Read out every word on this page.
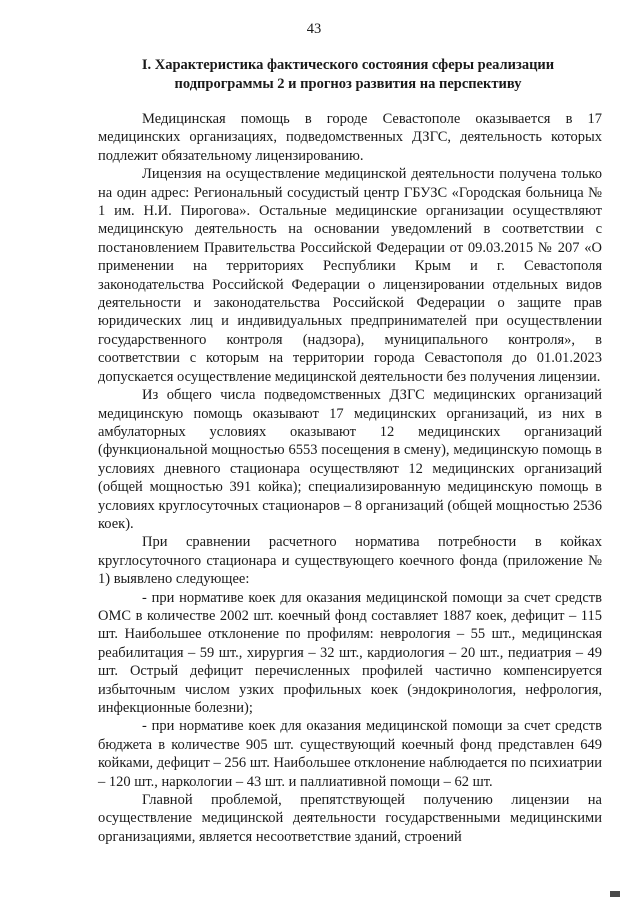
43
I. Характеристика фактического состояния сферы реализации
подпрограммы 2 и прогноз развития на перспективу

Медицинская помощь в городе Севастополе оказывается в 17 медицинских организациях, подведомственных ДЗГС, деятельность которых подлежит обязательному лицензированию.

Лицензия на осуществление медицинской деятельности получена только на один адрес: Региональный сосудистый центр ГБУЗС «Городская больница № 1 им. Н.И. Пирогова». Остальные медицинские организации осуществляют медицинскую деятельность на основании уведомлений в соответствии с постановлением Правительства Российской Федерации от 09.03.2015 № 207 «О применении на территориях Республики Крым и г. Севастополя законодательства Российской Федерации о лицензировании отдельных видов деятельности и законодательства Российской Федерации о защите прав юридических лиц и индивидуальных предпринимателей при осуществлении государственного контроля (надзора), муниципального контроля», в соответствии с которым на территории города Севастополя до 01.01.2023 допускается осуществление медицинской деятельности без получения лицензии.

Из общего числа подведомственных ДЗГС медицинских организаций медицинскую помощь оказывают 17 медицинских организаций, из них в амбулаторных условиях оказывают 12 медицинских организаций (функциональной мощностью 6553 посещения в смену), медицинскую помощь в условиях дневного стационара осуществляют 12 медицинских организаций (общей мощностью 391 койка); специализированную медицинскую помощь в условиях круглосуточных стационаров – 8 организаций (общей мощностью 2536 коек).

При сравнении расчетного норматива потребности в койках круглосуточного стационара и существующего коечного фонда (приложение № 1) выявлено следующее:

- при нормативе коек для оказания медицинской помощи за счет средств ОМС в количестве 2002 шт. коечный фонд составляет 1887 коек, дефицит – 115 шт. Наибольшее отклонение по профилям: неврология – 55 шт., медицинская реабилитация – 59 шт., хирургия – 32 шт., кардиология – 20 шт., педиатрия – 49 шт. Острый дефицит перечисленных профилей частично компенсируется избыточным числом узких профильных коек (эндокринология, нефрология, инфекционные болезни);

- при нормативе коек для оказания медицинской помощи за счет средств бюджета в количестве 905 шт. существующий коечный фонд представлен 649 койками, дефицит – 256 шт. Наибольшее отклонение наблюдается по психиатрии – 120 шт., наркологии – 43 шт. и паллиативной помощи – 62 шт.

Главной проблемой, препятствующей получению лицензии на осуществление медицинской деятельности государственными медицинскими организациями, является несоответствие зданий, строений
